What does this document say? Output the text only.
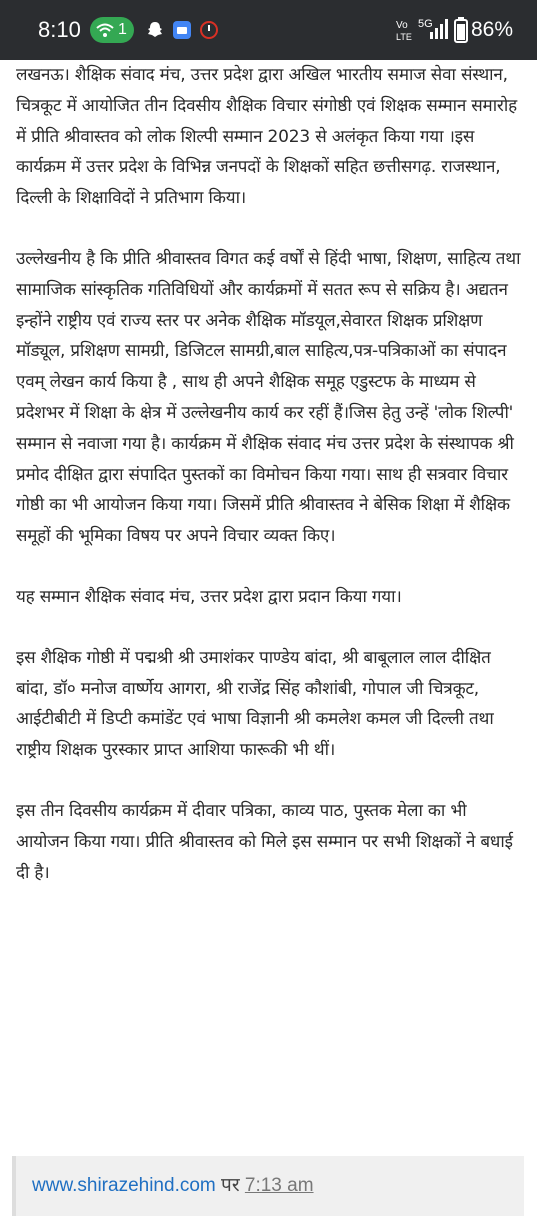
8:10 1	Vo
LTE
5G 86%

लखनऊ। शैक्षिक संवाद मंच, उत्तर प्रदेश द्वारा अखिल भारतीय समाज सेवा संस्थान, चित्रकूट में आयोजित तीन दिवसीय शैक्षिक विचार संगोष्ठी एवं शिक्षक सम्मान समारोह में प्रीति श्रीवास्तव को लोक शिल्पी सम्मान 2023 से अलंकृत किया गया ।इस कार्यक्रम में उत्तर प्रदेश के विभिन्न जनपदों के शिक्षकों सहित छत्तीसगढ़. राजस्थान, दिल्ली के शिक्षाविदों ने प्रतिभाग किया।

उल्लेखनीय है कि प्रीति श्रीवास्तव विगत कई वर्षों से हिंदी भाषा, शिक्षण, साहित्य तथा सामाजिक सांस्कृतिक गतिविधियों और कार्यक्रमों में सतत रूप से सक्रिय है। अद्यतन इन्होंने राष्ट्रीय एवं राज्य स्तर पर अनेक शैक्षिक मॉडयूल,सेवारत शिक्षक प्रशिक्षण मॉड्यूल, प्रशिक्षण सामग्री, डिजिटल सामग्री,बाल साहित्य,पत्र-पत्रिकाओं का संपादन एवम् लेखन कार्य किया है , साथ ही अपने शैक्षिक समूह एडुस्टफ के माध्यम से प्रदेशभर में शिक्षा के क्षेत्र में उल्लेखनीय कार्य कर रहीं हैं।जिस हेतु उन्हें 'लोक शिल्पी' सम्मान से नवाजा गया है। कार्यक्रम में शैक्षिक संवाद मंच उत्तर प्रदेश के संस्थापक श्री प्रमोद दीक्षित द्वारा संपादित पुस्तकों का विमोचन किया गया। साथ ही सत्रवार विचार गोष्ठी का भी आयोजन किया गया। जिसमें प्रीति श्रीवास्तव ने बेसिक शिक्षा में शैक्षिक समूहों की भूमिका विषय पर अपने विचार व्यक्त किए।

यह सम्मान शैक्षिक संवाद मंच, उत्तर प्रदेश द्वारा प्रदान किया गया।

इस शैक्षिक गोष्ठी में पद्मश्री श्री उमाशंकर पाण्डेय बांदा, श्री बाबूलाल लाल दीक्षित बांदा, डॉ० मनोज वार्ष्णेय आगरा, श्री राजेंद्र सिंह कौशांबी, गोपाल जी चित्रकूट, आईटीबीटी में डिप्टी कमांडेंट एवं भाषा विज्ञानी श्री कमलेश कमल जी दिल्ली तथा राष्ट्रीय शिक्षक पुरस्कार प्राप्त आशिया फारूकी भी थीं।

इस तीन दिवसीय कार्यक्रम में दीवार पत्रिका, काव्य पाठ, पुस्तक मेला का भी आयोजन किया गया। प्रीति श्रीवास्तव को मिले इस सम्मान पर सभी शिक्षकों ने बधाई दी है।

www.shirazehind.com पर 7:13 am
